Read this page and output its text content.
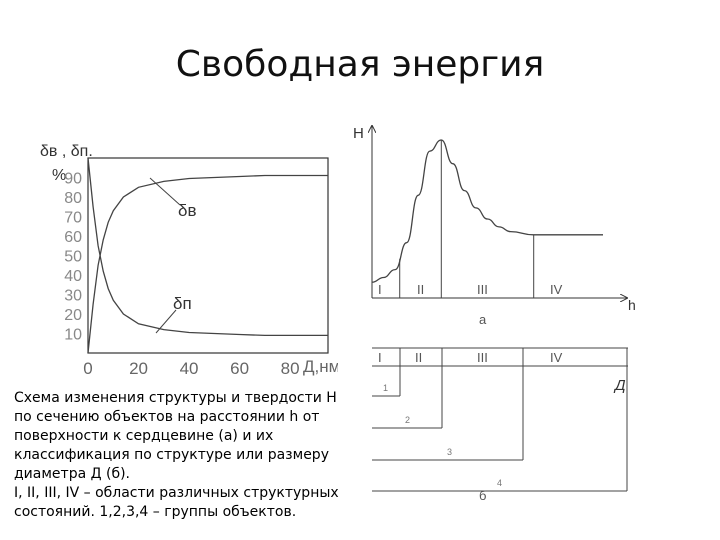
Свободная энергия
δв , δп.
%
10
20
30
40
50
60
70
80
90
0 20 40 60 80 Д,нм
δв
δп
H
h
I	II	III	IV
а
I	II	III	IV
Д
1
2
3
4
б
Схема изменения структуры и твердости Н
по сечению объектов на расстоянии h от
поверхности к сердцевине (а) и их
классификация по структуре или размеру
диаметра Д (б).
I, II, III, IV – области различных структурных
состояний. 1,2,3,4 – группы объектов.
